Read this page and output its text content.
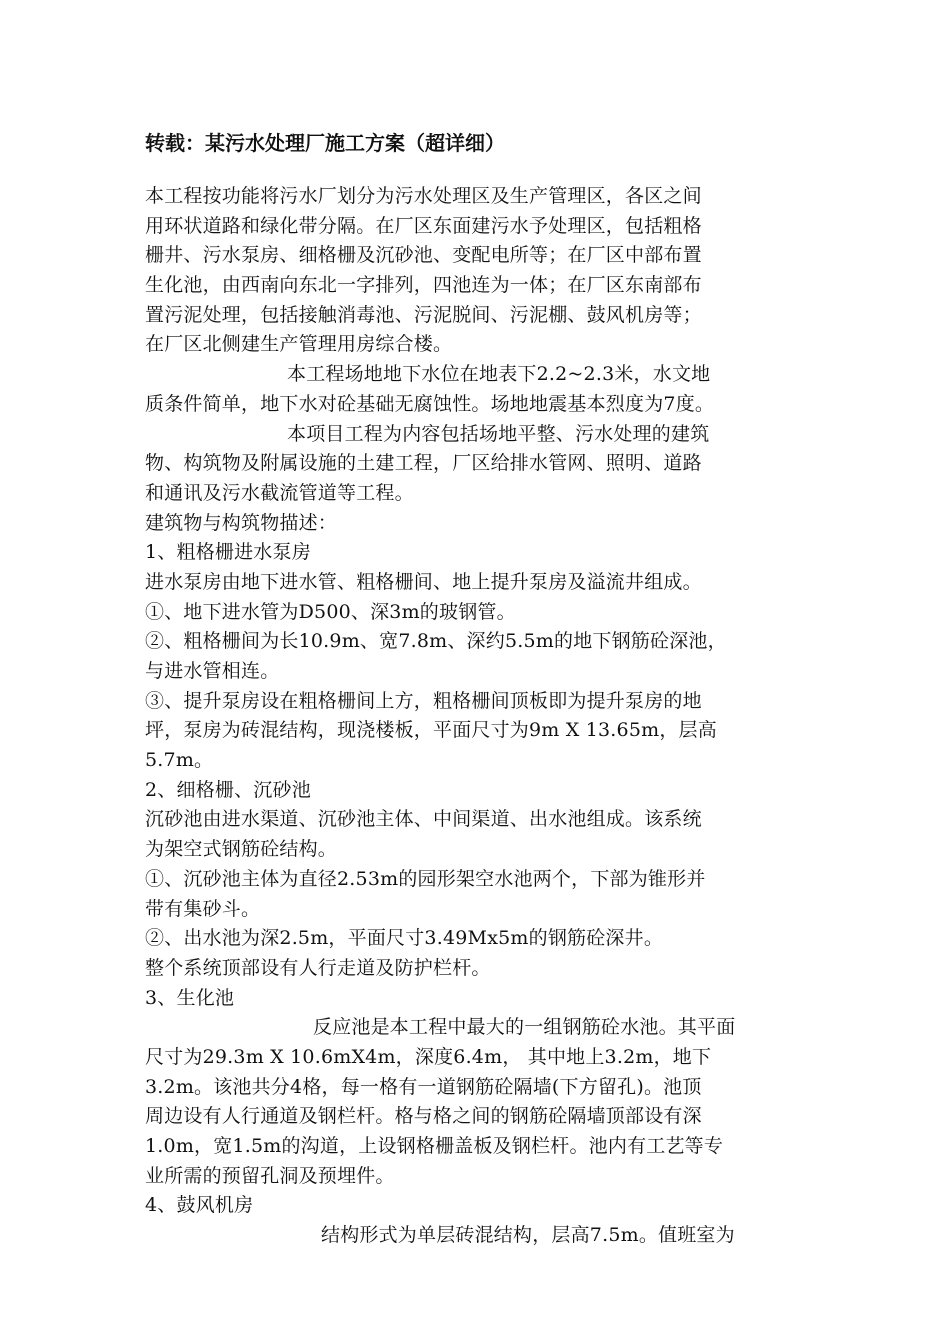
转载：某污水处理厂施工方案（超详细）
本工程按功能将污水厂划分为污水处理区及生产管理区，各区之间
用环状道路和绿化带分隔。在厂区东面建污水予处理区，包括粗格
栅井、污水泵房、细格栅及沉砂池、变配电所等；在厂区中部布置
生化池，由西南向东北一字排列，四池连为一体；在厂区东南部布
置污泥处理，包括接触消毒池、污泥脱间、污泥棚、鼓风机房等；
在厂区北侧建生产管理用房综合楼。
本工程场地地下水位在地表下2.2~2.3米，水文地
质条件简单，地下水对砼基础无腐蚀性。场地地震基本烈度为7度。
本项目工程为内容包括场地平整、污水处理的建筑
物、构筑物及附属设施的土建工程，厂区给排水管网、照明、道路
和通讯及污水截流管道等工程。
建筑物与构筑物描述：
1、粗格栅进水泵房
进水泵房由地下进水管、粗格栅间、地上提升泵房及溢流井组成。
①、地下进水管为D500、深3m的玻钢管。
②、粗格栅间为长10.9m、宽7.8m、深约5.5m的地下钢筋砼深池，
与进水管相连。
③、提升泵房设在粗格栅间上方，粗格栅间顶板即为提升泵房的地
坪，泵房为砖混结构，现浇楼板，平面尺寸为9m X 13.65m，层高
5.7m。
2、细格栅、沉砂池
沉砂池由进水渠道、沉砂池主体、中间渠道、出水池组成。该系统
为架空式钢筋砼结构。
①、沉砂池主体为直径2.53m的园形架空水池两个，下部为锥形并
带有集砂斗。
②、出水池为深2.5m，平面尺寸3.49Mx5m的钢筋砼深井。
整个系统顶部设有人行走道及防护栏杆。
3、生化池
反应池是本工程中最大的一组钢筋砼水池。其平面
尺寸为29.3m X 10.6mX4m，深度6.4m， 其中地上3.2m，地下
3.2m。该池共分4格，每一格有一道钢筋砼隔墙(下方留孔)。池顶
周边设有人行通道及钢栏杆。格与格之间的钢筋砼隔墙顶部设有深
1.0m，宽1.5m的沟道，上设钢格栅盖板及钢栏杆。池内有工艺等专
业所需的预留孔洞及预埋件。
4、鼓风机房
结构形式为单层砖混结构，层高7.5m。值班室为
